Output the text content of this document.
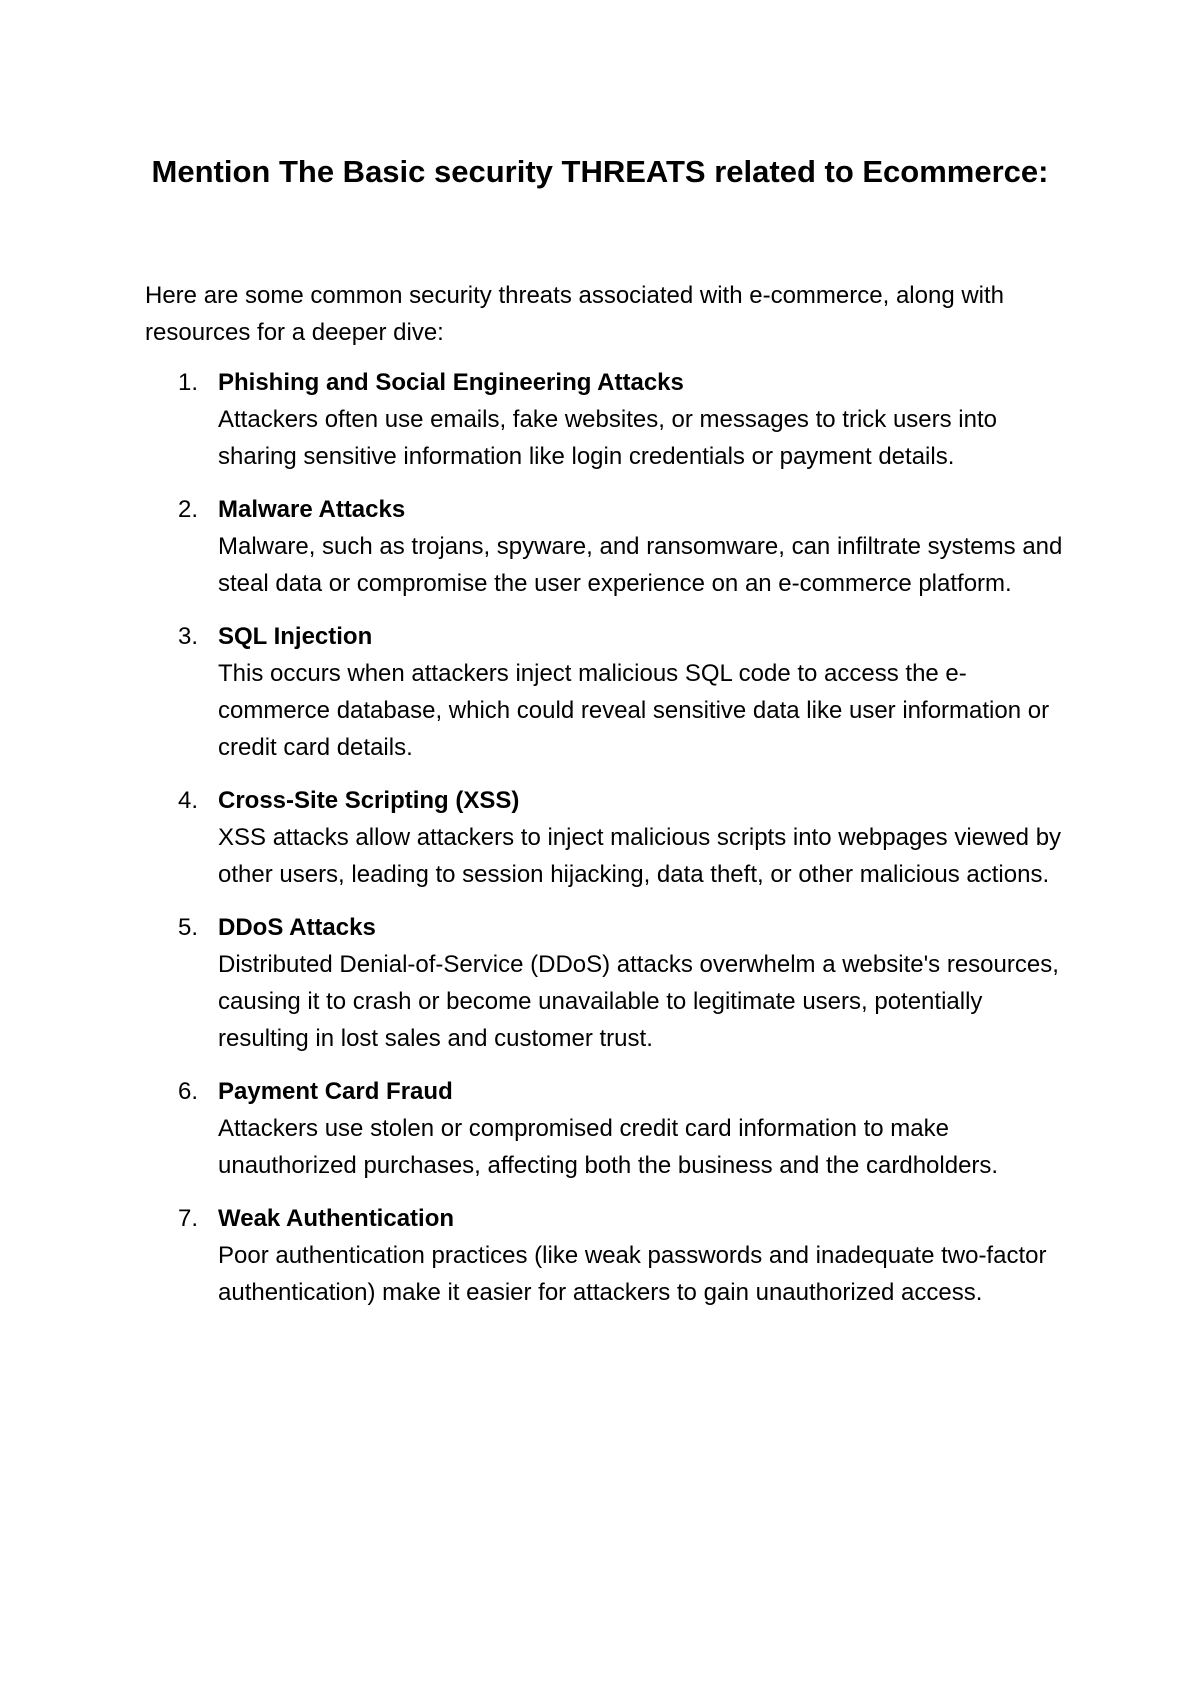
Mention The Basic security THREATS related to Ecommerce:

Here are some common security threats associated with e-commerce, along with resources for a deeper dive:

1. Phishing and Social Engineering Attacks
Attackers often use emails, fake websites, or messages to trick users into sharing sensitive information like login credentials or payment details.
2. Malware Attacks
Malware, such as trojans, spyware, and ransomware, can infiltrate systems and steal data or compromise the user experience on an e-commerce platform.
3. SQL Injection
This occurs when attackers inject malicious SQL code to access the e-commerce database, which could reveal sensitive data like user information or credit card details.
4. Cross-Site Scripting (XSS)
XSS attacks allow attackers to inject malicious scripts into webpages viewed by other users, leading to session hijacking, data theft, or other malicious actions.
5. DDoS Attacks
Distributed Denial-of-Service (DDoS) attacks overwhelm a website's resources, causing it to crash or become unavailable to legitimate users, potentially resulting in lost sales and customer trust.
6. Payment Card Fraud
Attackers use stolen or compromised credit card information to make unauthorized purchases, affecting both the business and the cardholders.
7. Weak Authentication
Poor authentication practices (like weak passwords and inadequate two-factor authentication) make it easier for attackers to gain unauthorized access.
